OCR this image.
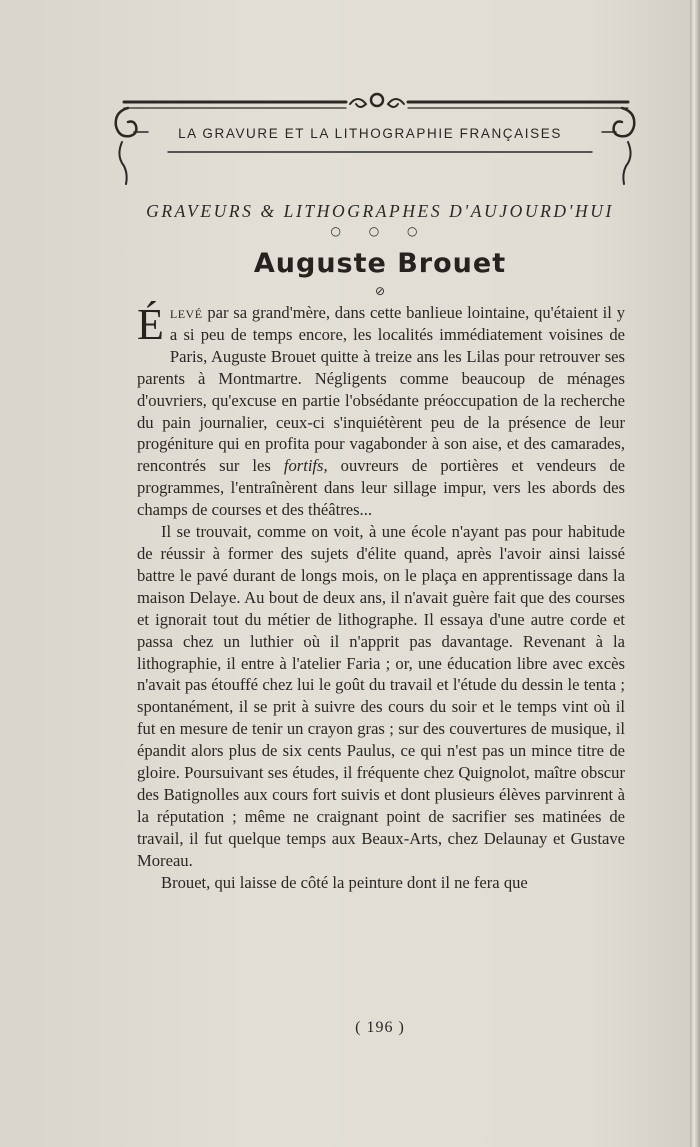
LA GRAVURE ET LA LITHOGRAPHIE FRANÇAISES
GRAVEURS & LITHOGRAPHES D'AUJOURD'HUI
○ ○ ○
Auguste Brouet
⊘

Élevé par sa grand'mère, dans cette banlieue lointaine, qu'étaient il y a si peu de temps encore, les localités immédiatement voisines de Paris, Auguste Brouet quitte à treize ans les Lilas pour retrouver ses parents à Montmartre. Négligents comme beaucoup de ménages d'ouvriers, qu'excuse en partie l'obsédante préoccupation de la recherche du pain journalier, ceux-ci s'inquiétèrent peu de la présence de leur progéniture qui en profita pour vagabonder à son aise, et des camarades, rencontrés sur les fortifs, ouvreurs de portières et vendeurs de programmes, l'entraînèrent dans leur sillage impur, vers les abords des champs de courses et des théâtres...

Il se trouvait, comme on voit, à une école n'ayant pas pour habitude de réussir à former des sujets d'élite quand, après l'avoir ainsi laissé battre le pavé durant de longs mois, on le plaça en apprentissage dans la maison Delaye. Au bout de deux ans, il n'avait guère fait que des courses et ignorait tout du métier de lithographe. Il essaya d'une autre corde et passa chez un luthier où il n'apprit pas davantage. Revenant à la lithographie, il entre à l'atelier Faria ; or, une éducation libre avec excès n'avait pas étouffé chez lui le goût du travail et l'étude du dessin le tenta ; spontanément, il se prit à suivre des cours du soir et le temps vint où il fut en mesure de tenir un crayon gras ; sur des couvertures de musique, il épandit alors plus de six cents Paulus, ce qui n'est pas un mince titre de gloire. Poursuivant ses études, il fréquente chez Quignolot, maître obscur des Batignolles aux cours fort suivis et dont plusieurs élèves parvinrent à la réputation ; même ne craignant point de sacrifier ses matinées de travail, il fut quelque temps aux Beaux-Arts, chez Delaunay et Gustave Moreau.

Brouet, qui laisse de côté la peinture dont il ne fera que

( 196 )
